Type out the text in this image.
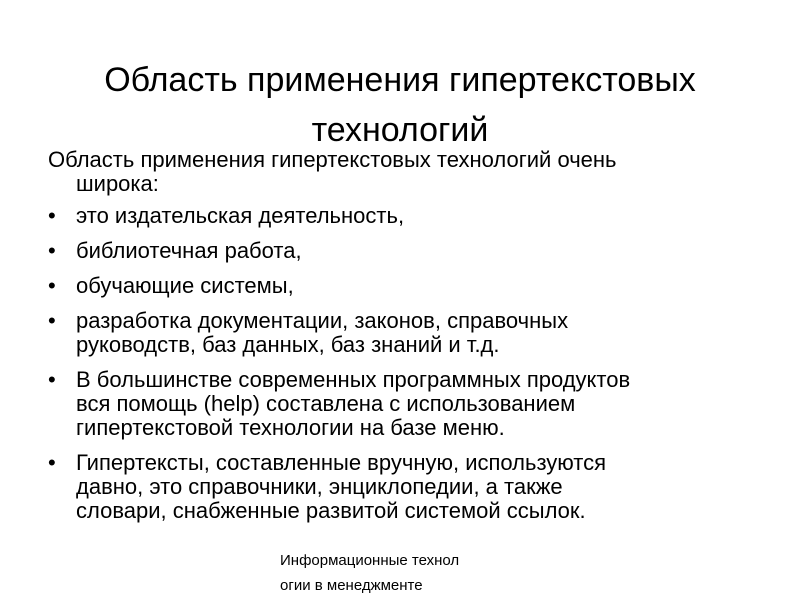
Область применения гипертекстовых
технологий
Область применения гипертекстовых технологий очень
широка:
• это издательская деятельность,
• библиотечная работа,
• обучающие системы,
• разработка документации, законов, справочных
руководств, баз данных, баз знаний и т.д.
• В большинстве современных программных продуктов
вся помощь (help) составлена с использованием
гипертекстовой технологии на базе меню.
• Гипертексты, составленные вручную, используются
давно, это справочники, энциклопедии, а также
словари, снабженные развитой системой ссылок.
Информационные технол
огии в менеджменте
